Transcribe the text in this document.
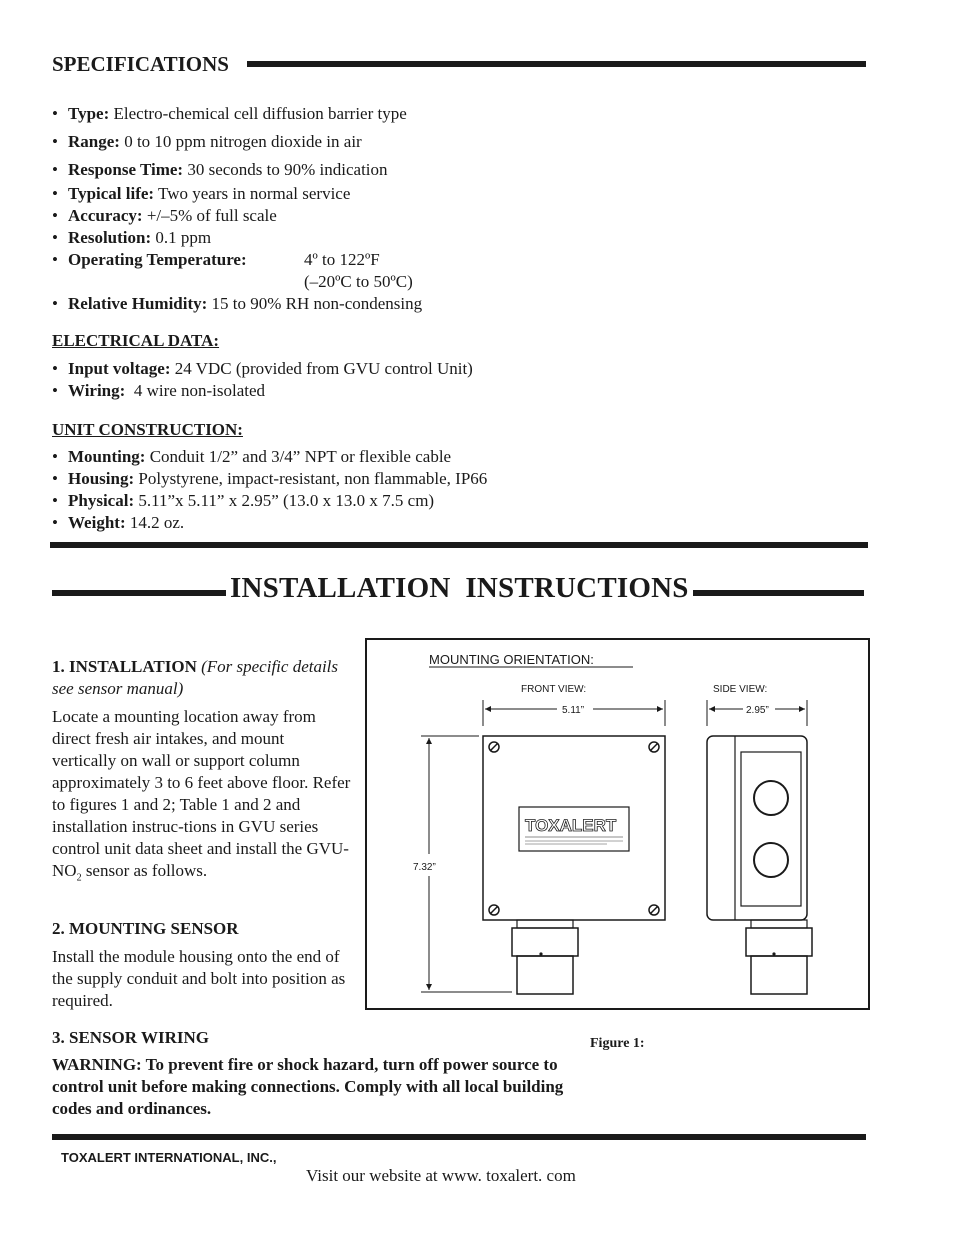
SPECIFICATIONS
• Type: Electro-chemical cell diffusion barrier type
• Range: 0 to 10 ppm nitrogen dioxide in air
• Response Time: 30 seconds to 90% indication
• Typical life: Two years in normal service
• Accuracy: +/–5% of full scale
• Resolution: 0.1 ppm
• Operating Temperature:	4º to 122ºF
(–20ºC to 50ºC)
• Relative Humidity: 15 to 90% RH non-condensing
ELECTRICAL DATA:
• Input voltage: 24 VDC (provided from GVU control Unit)
• Wiring:  4 wire non-isolated
UNIT CONSTRUCTION:
• Mounting: Conduit 1/2” and 3/4” NPT or flexible cable
• Housing: Polystyrene, impact-resistant, non flammable, IP66
• Physical: 5.11”x 5.11” x 2.95” (13.0 x 13.0 x 7.5 cm)
• Weight: 14.2 oz.
INSTALLATION  INSTRUCTIONS
1. INSTALLATION (For specific details see sensor manual)
Locate a mounting location away from direct fresh air intakes, and mount vertically on wall or support column approximately 3 to 6 feet above floor. Refer to figures 1 and 2; Table 1 and 2 and installation instruc-tions in GVU series control unit data sheet and install the GVU-$NO_2$ sensor as follows.
2. MOUNTING SENSOR
Install the module housing onto the end of the supply conduit and bolt into position as required.
3. SENSOR WIRING
WARNING: To prevent fire or shock hazard, turn off power source to control unit before making connections. Comply with all local building codes and ordinances.
MOUNTING ORIENTATION:
FRONT VIEW:	SIDE VIEW:
5.11”	2.95”
7.32”
TOXALERT
Figure 1:
TOXALERT INTERNATIONAL, INC.,
Visit our website at www. toxalert. com
